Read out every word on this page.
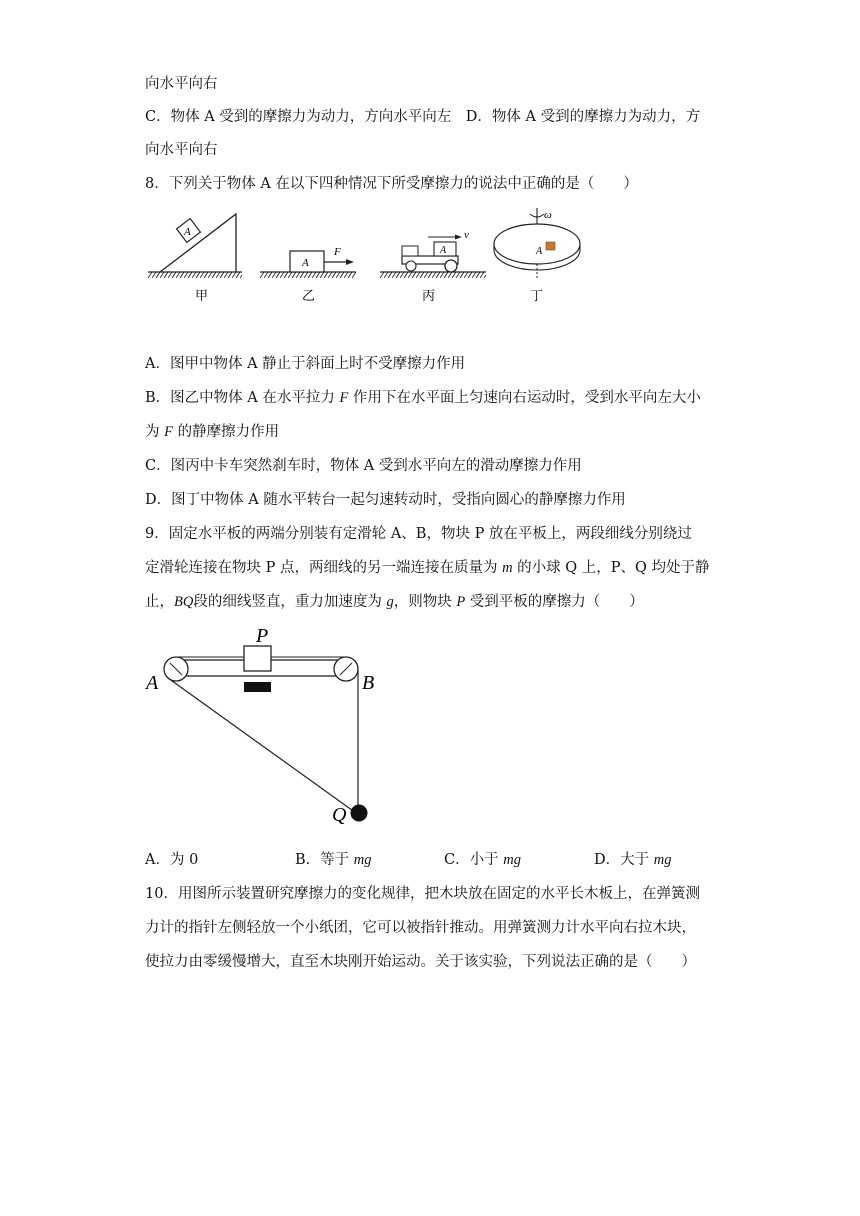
向水平向右
C．物体 A 受到的摩擦力为动力，方向水平向左　D．物体 A 受到的摩擦力为动力，方
向水平向右
8．下列关于物体 A 在以下四种情况下所受摩擦力的说法中正确的是（　　）
A
甲
A
F
乙
A
v
丙
ω
A
丁
A．图甲中物体 A 静止于斜面上时不受摩擦力作用
B．图乙中物体 A 在水平拉力 F 作用下在水平面上匀速向右运动时，受到水平向左大小
为 F 的静摩擦力作用
C．图丙中卡车突然刹车时，物体 A 受到水平向左的滑动摩擦力作用
D．图丁中物体 A 随水平转台一起匀速转动时，受指向圆心的静摩擦力作用
9．固定水平板的两端分别装有定滑轮 A、B，物块 P 放在平板上，两段细线分别绕过
定滑轮连接在物块 P 点，两细线的另一端连接在质量为 m 的小球 Q 上，P、Q 均处于静
止，BQ段的细线竖直，重力加速度为 g，则物块 P 受到平板的摩擦力（　　）
P
A	B
Q
A．为 0	B．等于 mg	C．小于 mg	D．大于 mg
10．用图所示装置研究摩擦力的变化规律，把木块放在固定的水平长木板上，在弹簧测
力计的指针左侧轻放一个小纸团，它可以被指针推动。用弹簧测力计水平向右拉木块，
使拉力由零缓慢增大，直至木块刚开始运动。关于该实验，下列说法正确的是（　　）
